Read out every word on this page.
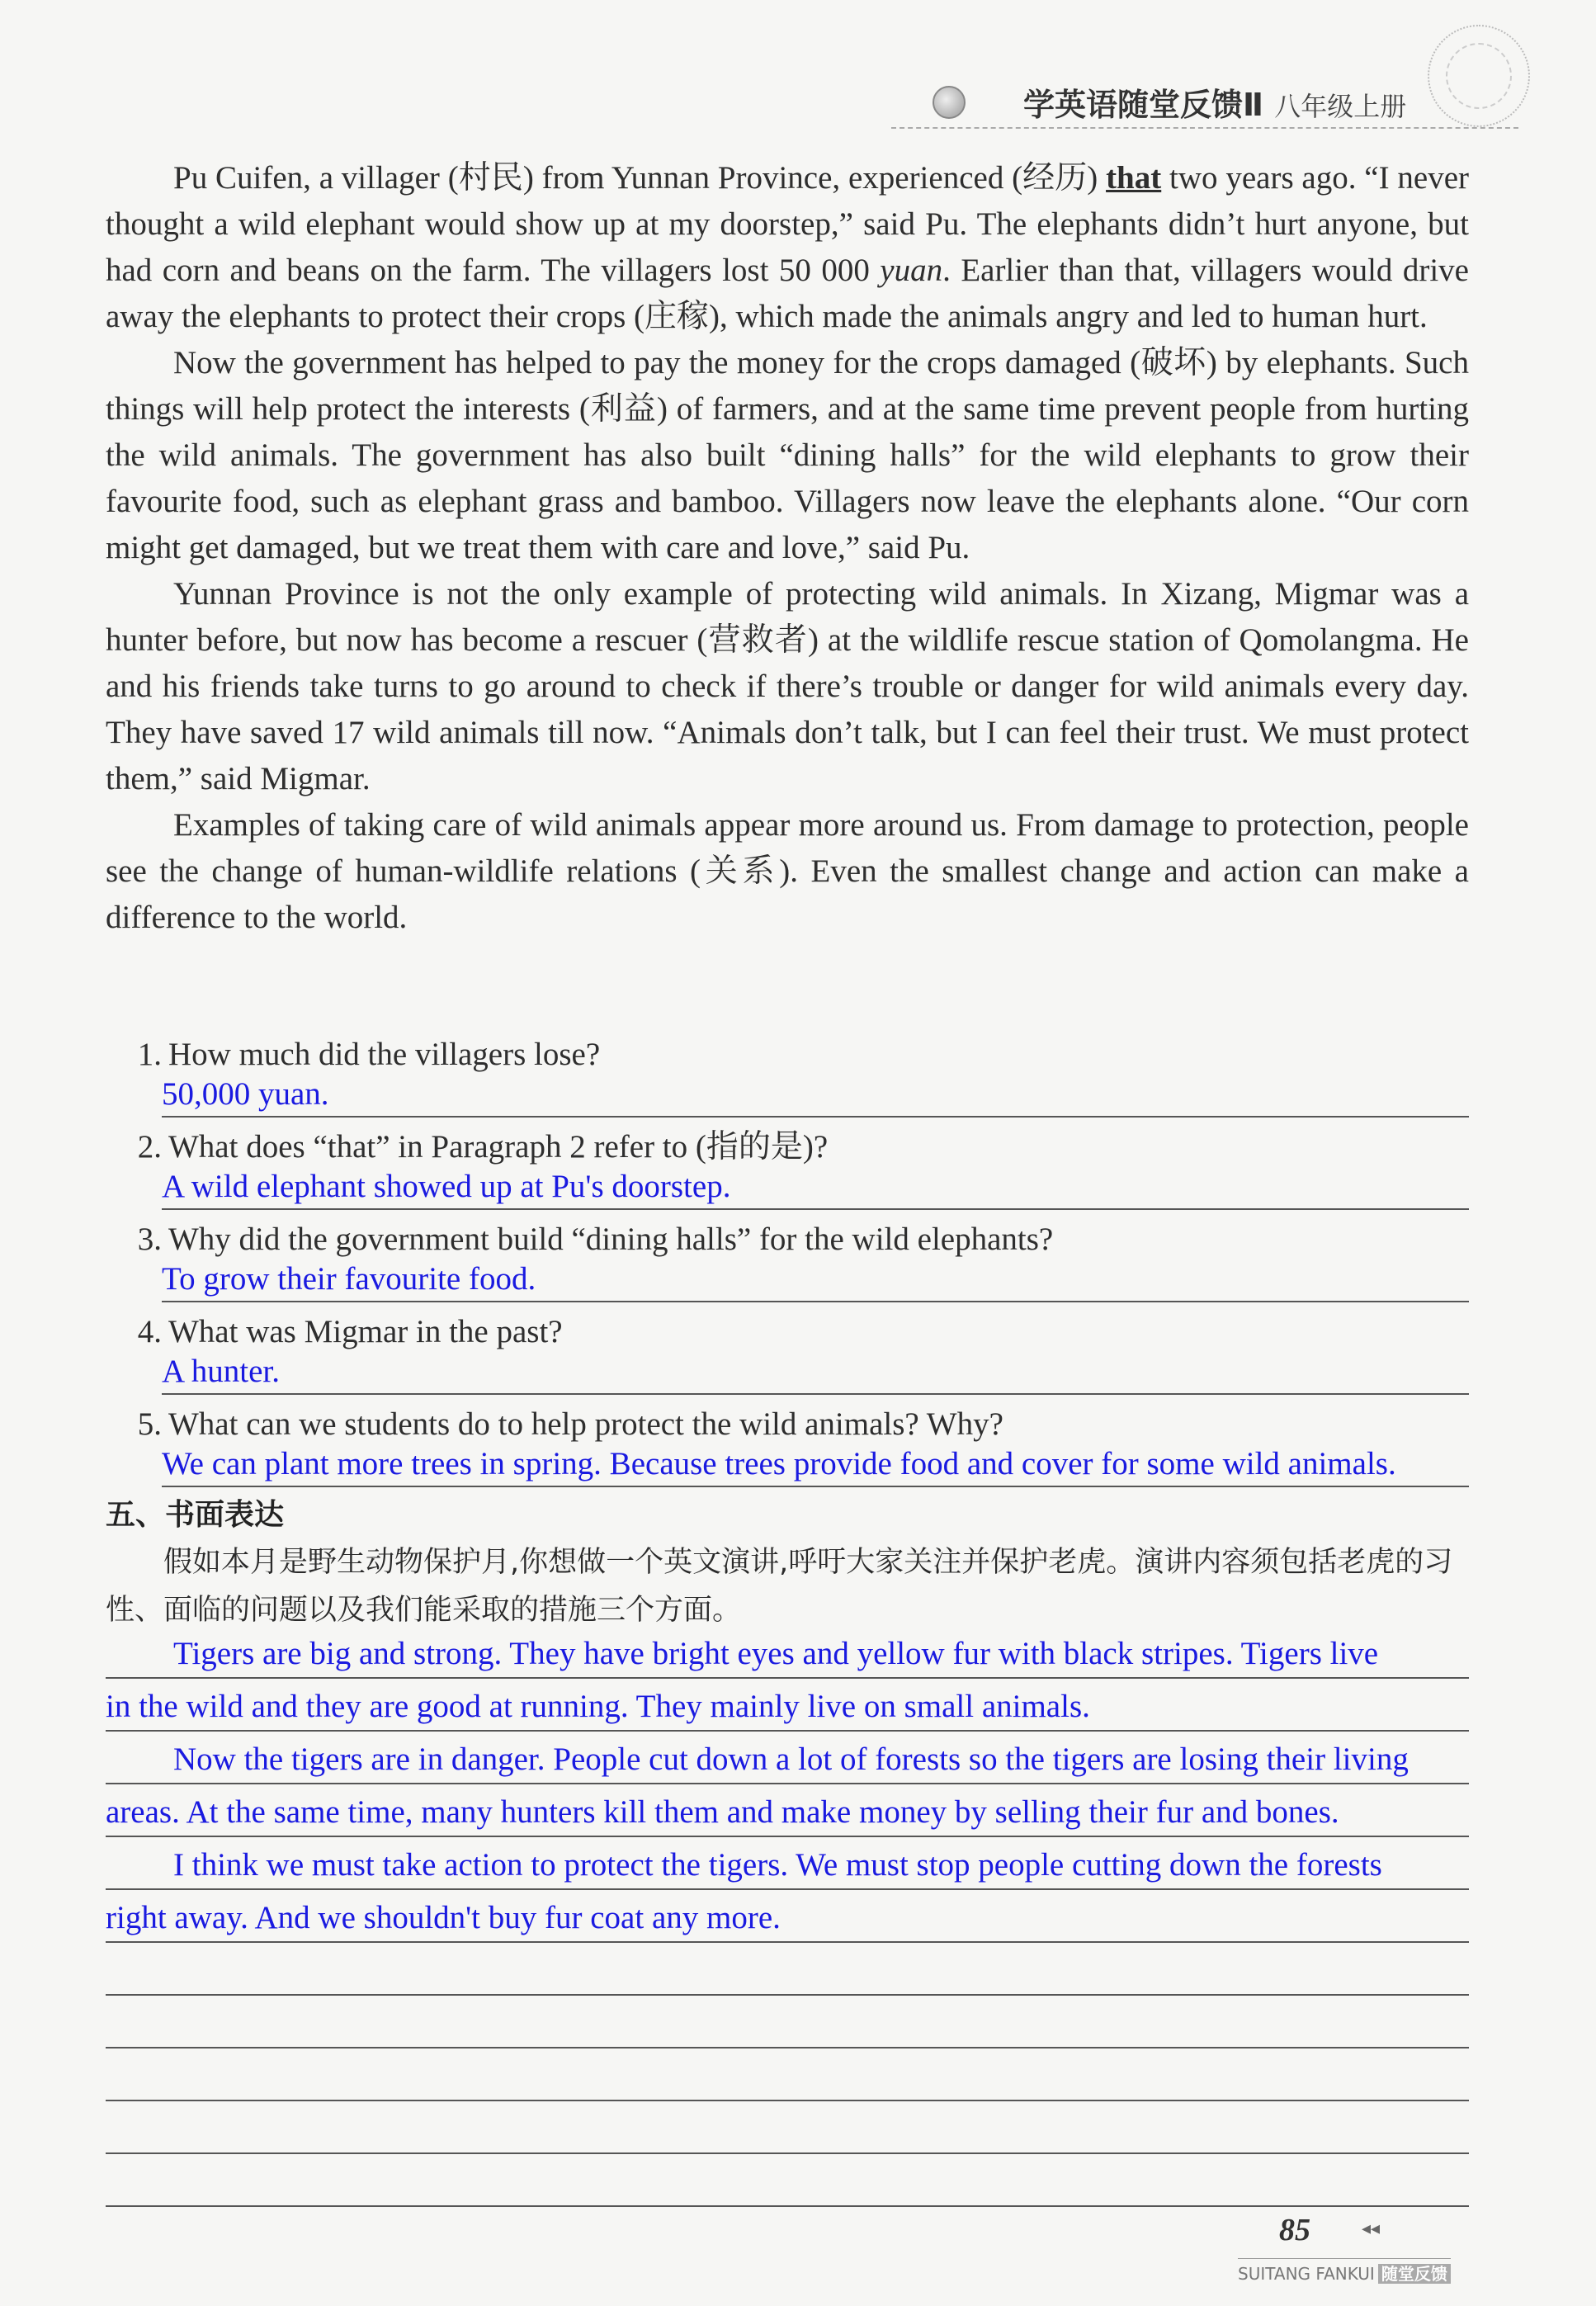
学英语随堂反馈Ⅱ 八年级上册

Pu Cuifen, a villager (村民) from Yunnan Province, experienced (经历) that two years ago. “I never thought a wild elephant would show up at my doorstep,” said Pu. The elephants didn’t hurt anyone, but had corn and beans on the farm. The villagers lost 50 000 yuan. Earlier than that, villagers would drive away the elephants to protect their crops (庄稼), which made the animals angry and led to human hurt.

Now the government has helped to pay the money for the crops damaged (破坏) by elephants. Such things will help protect the interests (利益) of farmers, and at the same time prevent people from hurting the wild animals. The government has also built “dining halls” for the wild elephants to grow their favourite food, such as elephant grass and bamboo. Villagers now leave the elephants alone. “Our corn might get damaged, but we treat them with care and love,” said Pu.

Yunnan Province is not the only example of protecting wild animals. In Xizang, Migmar was a hunter before, but now has become a rescuer (营救者) at the wildlife rescue station of Qomolangma. He and his friends take turns to go around to check if there’s trouble or danger for wild animals every day. They have saved 17 wild animals till now. “Animals don’t talk, but I can feel their trust. We must protect them,” said Migmar.

Examples of taking care of wild animals appear more around us. From damage to protection, people see the change of human-wildlife relations (关系). Even the smallest change and action can make a difference to the world.

1. How much did the villagers lose?
50,000 yuan.
2. What does “that” in Paragraph 2 refer to (指的是)?
A wild elephant showed up at Pu's doorstep.
3. Why did the government build “dining halls” for the wild elephants?
To grow their favourite food.
4. What was Migmar in the past?
A hunter.
5. What can we students do to help protect the wild animals? Why?
We can plant more trees in spring. Because trees provide food and cover for some wild animals.
五、书面表达

假如本月是野生动物保护月,你想做一个英文演讲,呼吁大家关注并保护老虎。演讲内容须包括老虎的习性、面临的问题以及我们能采取的措施三个方面。

Tigers are big and strong. They have bright eyes and yellow fur with black stripes. Tigers live
in the wild and they are good at running. They mainly live on small animals.
Now the tigers are in danger. People cut down a lot of forests so the tigers are losing their living
areas. At the same time, many hunters kill them and make money by selling their fur and bones.
I think we must take action to protect the tigers. We must stop people cutting down the forests
right away. And we shouldn't buy fur coat any more.
85	◂◂
SUITANG FANKUI 随堂反馈
